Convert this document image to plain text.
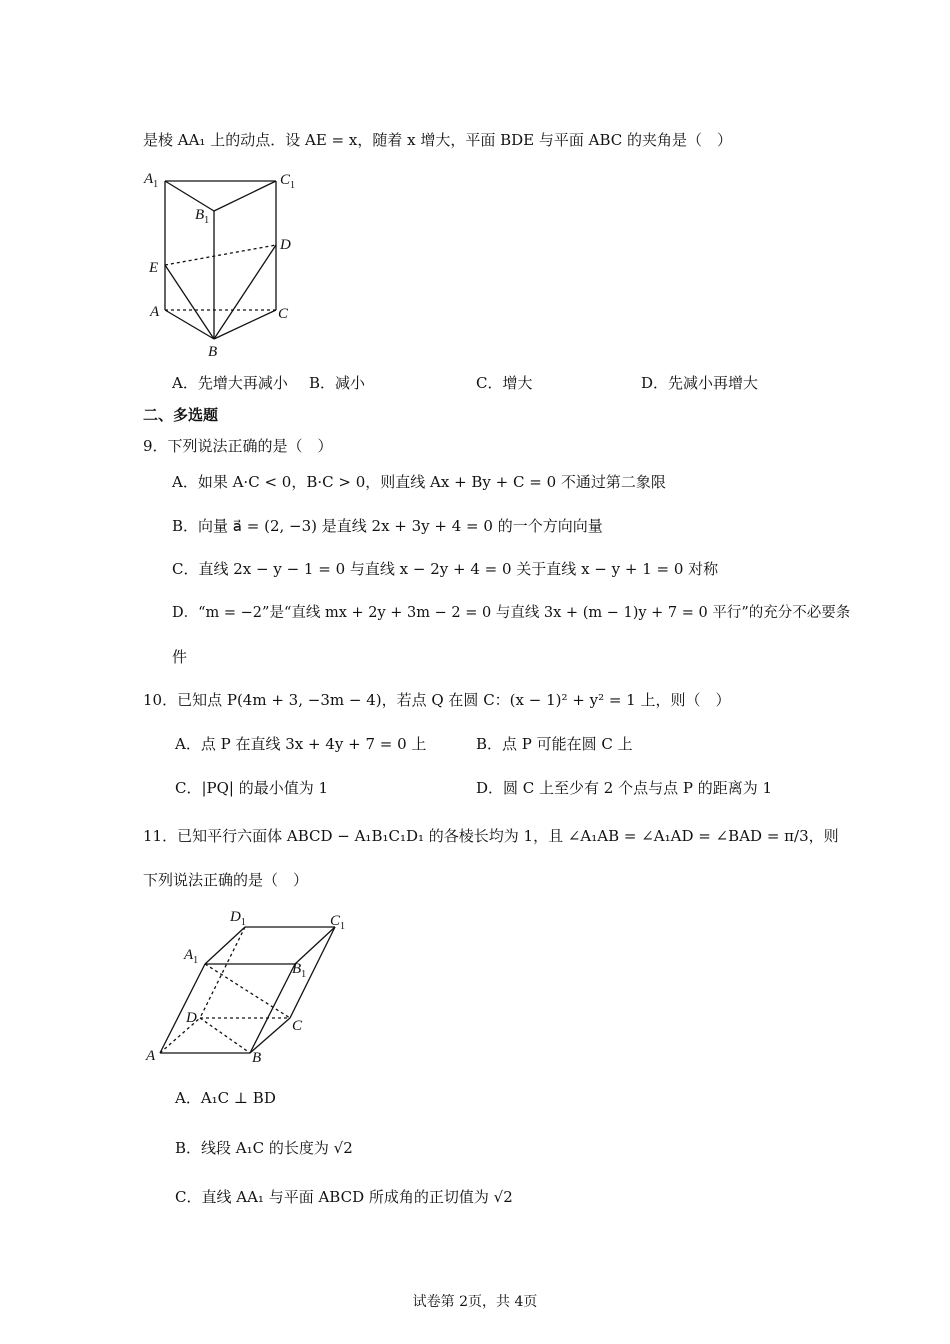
是棱 AA₁ 上的动点．设 AE = x，随着 x 增大，平面 BDE 与平面 ABC 的夹角是（　）
$A_1$	$C_1$
$B_1$
D
E
A	C
B
A．先增大再减小 B．减小	C．增大	D．先减小再增大
二、多选题
9．下列说法正确的是（　）
A．如果 A·C < 0，B·C > 0，则直线 Ax + By + C = 0 不通过第二象限
B．向量 a⃗ = (2, −3) 是直线 2x + 3y + 4 = 0 的一个方向向量
C．直线 2x − y − 1 = 0 与直线 x − 2y + 4 = 0 关于直线 x − y + 1 = 0 对称
D．“m = −2”是“直线 mx + 2y + 3m − 2 = 0 与直线 3x + (m − 1)y + 7 = 0 平行”的充分不必要条
件
10．已知点 P(4m + 3, −3m − 4)，若点 Q 在圆 C：(x − 1)² + y² = 1 上，则（　）
A．点 P 在直线 3x + 4y + 7 = 0 上	B．点 P 可能在圆 C 上
C．|PQ| 的最小值为 1	D．圆 C 上至少有 2 个点与点 P 的距离为 1
11．已知平行六面体 ABCD − A₁B₁C₁D₁ 的各棱长均为 1，且 ∠A₁AB = ∠A₁AD = ∠BAD = π/3，则
下列说法正确的是（　）
$D_1$	$C_1$
$A_1$
$B_1$
D	C
A	B
A．A₁C ⊥ BD
B．线段 A₁C 的长度为 √2
C．直线 AA₁ 与平面 ABCD 所成角的正切值为 √2
试卷第 2页，共 4页
